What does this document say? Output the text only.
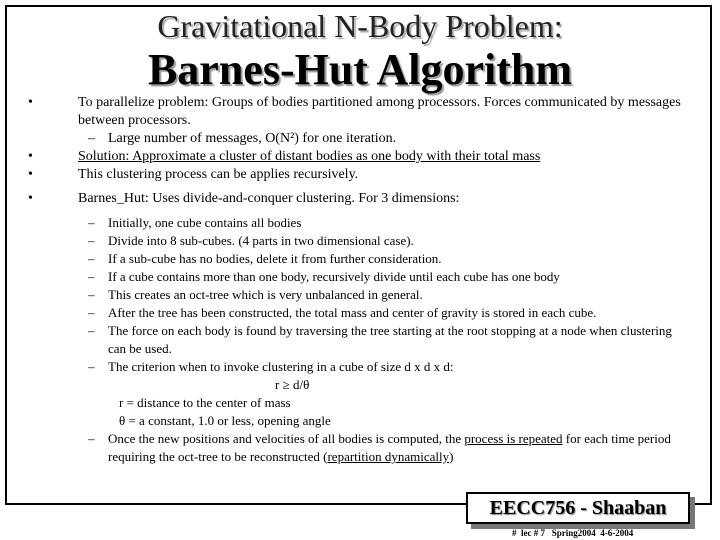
Gravitational N-Body Problem:
Barnes-Hut Algorithm
•	To parallelize problem: Groups of bodies partitioned among processors. Forces communicated by messages between processors.
– Large number of messages, O(N²) for one iteration.
•	Solution: Approximate a cluster of distant bodies as one body with their total mass
•	This clustering process can be applies recursively.
•	Barnes_Hut: Uses divide-and-conquer clustering. For 3 dimensions:
– Initially, one cube contains all bodies
– Divide into 8 sub-cubes. (4 parts in two dimensional case).
– If a sub-cube has no bodies, delete it from further consideration.
– If a cube contains more than one body, recursively divide until each cube has one body
– This creates an oct-tree which is very unbalanced in general.
– After the tree has been constructed, the total mass and center of gravity is stored in each cube.
– The force on each body is found by traversing the tree starting at the root stopping at a node when clustering can be used.
– The criterion when to invoke clustering in a cube of size d x d x d:
r ≥ d/θ
r = distance to the center of mass
θ = a constant, 1.0 or less, opening angle
– Once the new positions and velocities of all bodies is computed, the process is repeated for each time period requiring the oct-tree to be reconstructed (repartition dynamically)
EECC756 - Shaaban
#  lec # 7   Spring2004  4-6-2004
